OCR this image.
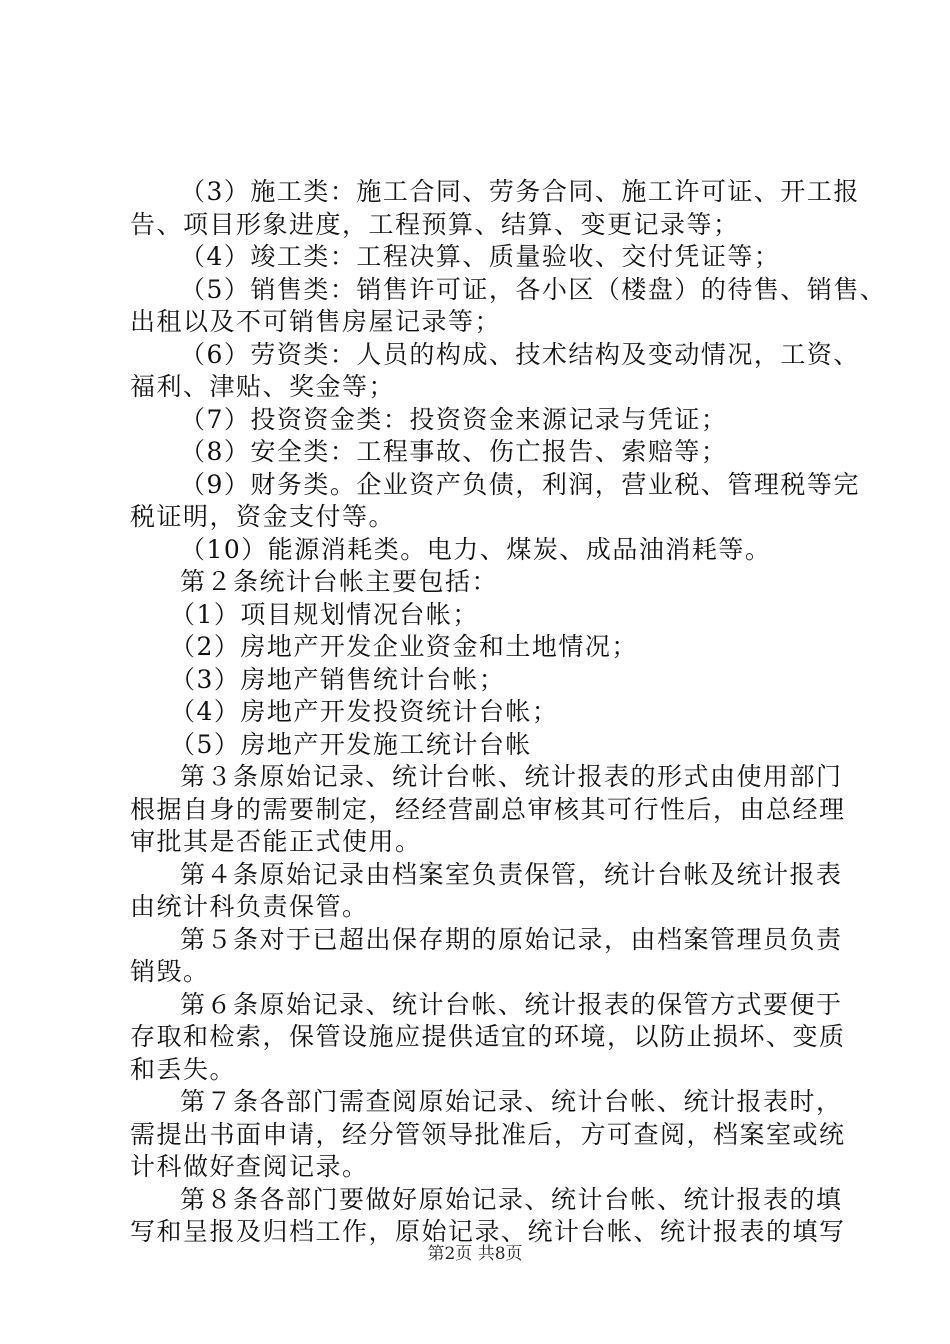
（3）施工类：施工合同、劳务合同、施工许可证、开工报
告、项目形象进度，工程预算、结算、变更记录等；
（4）竣工类：工程决算、质量验收、交付凭证等；
（5）销售类：销售许可证，各小区（楼盘）的待售、销售、
出租以及不可销售房屋记录等；
（6）劳资类：人员的构成、技术结构及变动情况，工资、
福利、津贴、奖金等；
（7）投资资金类：投资资金来源记录与凭证；
（8）安全类：工程事故、伤亡报告、索赔等；
（9）财务类。企业资产负债，利润，营业税、管理税等完
税证明，资金支付等。
（10）能源消耗类。电力、煤炭、成品油消耗等。
第２条统计台帐主要包括：
（1）项目规划情况台帐；
（2）房地产开发企业资金和土地情况；
（3）房地产销售统计台帐；
（4）房地产开发投资统计台帐；
（5）房地产开发施工统计台帐
第３条原始记录、统计台帐、统计报表的形式由使用部门
根据自身的需要制定，经经营副总审核其可行性后，由总经理
审批其是否能正式使用。
第４条原始记录由档案室负责保管，统计台帐及统计报表
由统计科负责保管。
第５条对于已超出保存期的原始记录，由档案管理员负责
销毁。
第６条原始记录、统计台帐、统计报表的保管方式要便于
存取和检索，保管设施应提供适宜的环境，以防止损坏、变质
和丢失。
第７条各部门需查阅原始记录、统计台帐、统计报表时，
需提出书面申请，经分管领导批准后，方可查阅，档案室或统
计科做好查阅记录。
第８条各部门要做好原始记录、统计台帐、统计报表的填
写和呈报及归档工作，原始记录、统计台帐、统计报表的填写
第2页 共8页
